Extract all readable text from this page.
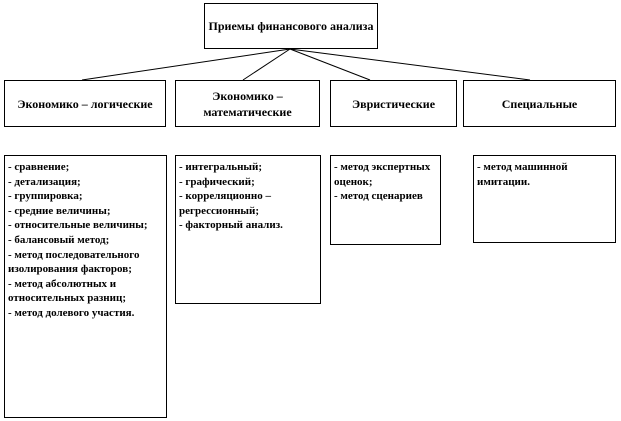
Приемы финансового анализа
Экономико – логические
Экономико – математические
Эвристические	Специальные
- сравнение;
- детализация;
- группировка;
- средние величины;
- относительные величины;
- балансовый метод;
- метод последовательного изолирования факторов;
- метод абсолютных и относительных разниц;
- метод долевого участия.
- интегральный;
- графический;
- корреляционно – регрессионный;
- факторный анализ.
- метод экспертных оценок;
- метод сценариев
- метод машинной имитации.
